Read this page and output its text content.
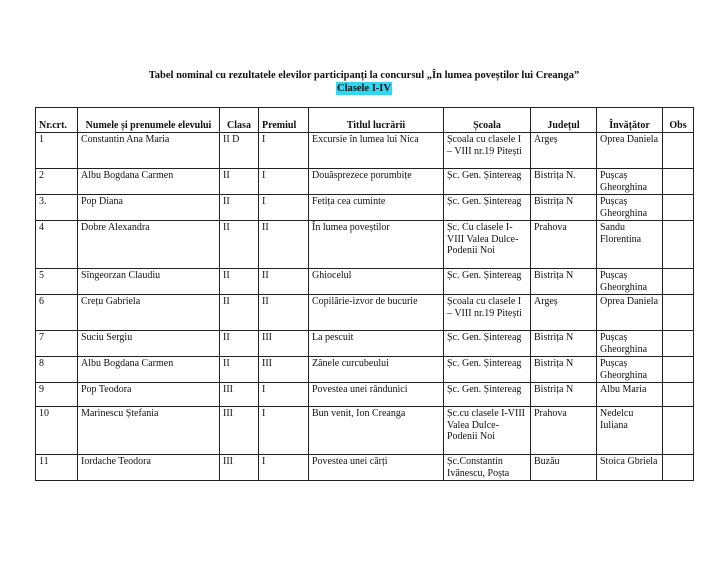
Tabel nominal cu rezultatele elevilor participanți la concursul „În lumea poveștilor lui Creanga”
Clasele I-IV
Nr.crt.	Numele și prenumele elevului	Clasa	Premiul	Titlul lucrării	Școala	Județul	Învățător	Obs
1	Constantin Ana Maria	II D	I	Excursie în lumea lui Nica	Școala cu clasele I – VIII nr.19 Pitești	Argeș	Oprea Daniela	
2	Albu Bogdana Carmen	II	I	Douăsprezece porumbițe	Șc. Gen. Șintereag	Bistrița N.	Pușcaș Gheorghina	
3.	Pop Diana	II	I	Fetița cea cuminte	Șc. Gen. Șintereag	Bistrița N	Pușcaș Gheorghina	
4	Dobre Alexandra	II	II	În lumea poveștilor	Șc. Cu clasele I-VIII Valea Dulce- Podenii Noi	Prahova	Sandu Florentina	
5	Sîngeorzan Claudiu	II	II	Ghiocelul	Șc. Gen. Șintereag	Bistrița N	Pușcaș Gheorghina	
6	Crețu Gabriela	II	II	Copilărie-izvor de bucurie	Școala cu clasele I – VIII nr.19 Pitești	Argeș	Oprea Daniela	
7	Suciu Sergiu	II	III	La pescuit	Șc. Gen. Șintereag	Bistrița N	Pușcaș Gheorghina	
8	Albu Bogdana Carmen	II	III	Zânele curcubeului	Șc. Gen. Șintereag	Bistrița N	Pușcaș Gheorghina	
9	Pop Teodora	III	I	Povestea unei rândunici	Șc. Gen. Șintereag	Bistrița N	Albu Maria	
10	Marinescu Ștefania	III	I	Bun venit, Ion Creanga	Șc.cu clasele I-VIII Valea Dulce- Podenii Noi	Prahova	Nedelcu Iuliana	
11	Iordache Teodora	III	I	Povestea unei cărți	Șc.Constantin Ivănescu, Poșta	Buzău	Stoica Gbriela	
